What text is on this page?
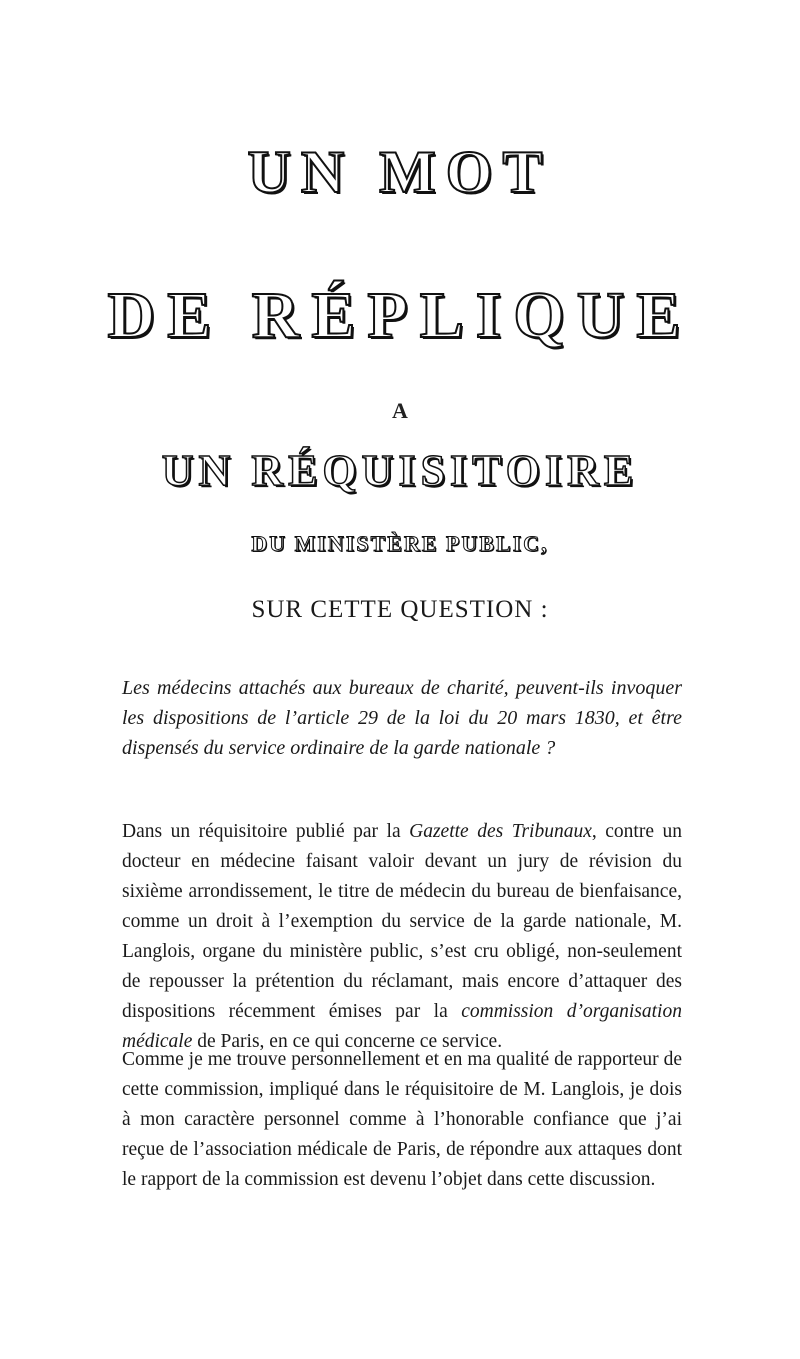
UN MOT
DE RÉPLIQUE
A
UN RÉQUISITOIRE
DU MINISTÈRE PUBLIC,
SUR CETTE QUESTION :
Les médecins attachés aux bureaux de charité, peuvent-ils invoquer les dispositions de l’article 29 de la loi du 20 mars 1830, et être dispensés du service ordinaire de la garde nationale ?
Dans un réquisitoire publié par la Gazette des Tribunaux, contre un docteur en médecine faisant valoir devant un jury de révision du sixième arrondissement, le titre de médecin du bureau de bienfaisance, comme un droit à l’exemption du service de la garde nationale, M. Langlois, organe du ministère public, s’est cru obligé, non-seulement de repousser la prétention du réclamant, mais encore d’attaquer des dispositions récemment émises par la commission d’organisation médicale de Paris, en ce qui concerne ce service.
Comme je me trouve personnellement et en ma qualité de rapporteur de cette commission, impliqué dans le réquisitoire de M. Langlois, je dois à mon caractère personnel comme à l’honorable confiance que j’ai reçue de l’association médicale de Paris, de répondre aux attaques dont le rapport de la commission est devenu l’objet dans cette discussion.
